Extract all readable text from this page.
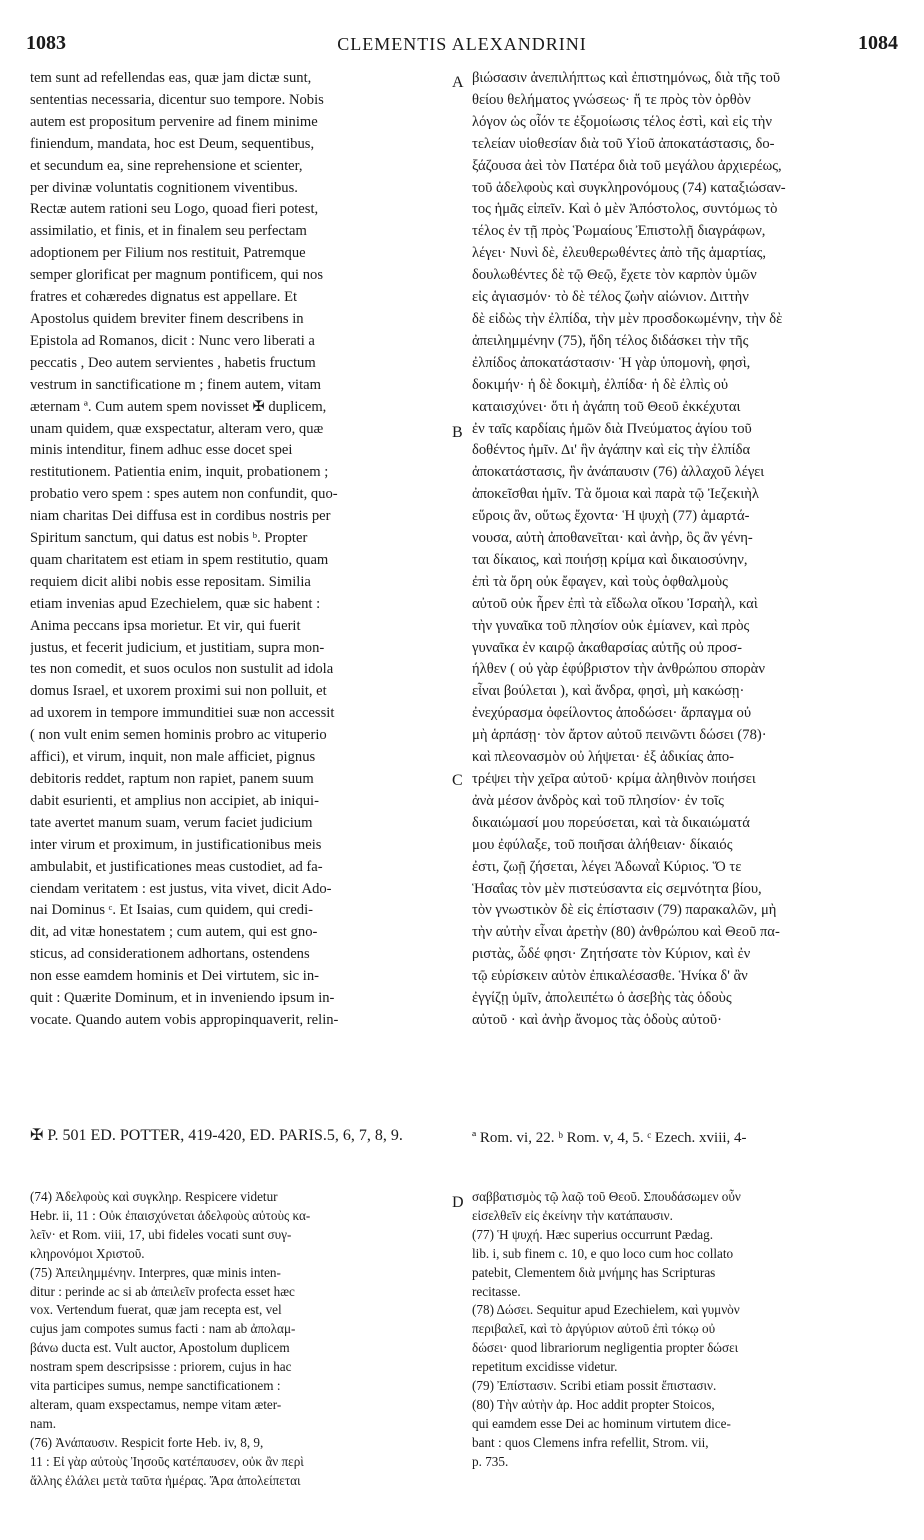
1083	CLEMENTIS ALEXANDRINI	1084
A
B
C
D
tem sunt ad refellendas eas, quæ jam dictæ sunt,
sententias necessaria, dicentur suo tempore. Nobis
autem est propositum pervenire ad finem minime
finiendum, mandata, hoc est Deum, sequentibus,
et secundum ea, sine reprehensione et scienter,
per divinæ voluntatis cognitionem viventibus.
Rectæ autem rationi seu Logo, quoad fieri potest,
assimilatio, et finis, et in finalem seu perfectam
adoptionem per Filium nos restituit, Patremque
semper glorificat per magnum pontificem, qui nos
fratres et cohæredes dignatus est appellare. Et
Apostolus quidem breviter finem describens in
Epistola ad Romanos, dicit : Nunc vero liberati a
peccatis , Deo autem servientes , habetis fructum
vestrum in sanctificatione m ; finem autem, vitam
æternam ª. Cum autem spem novisset ✠ duplicem,
unam quidem, quæ exspectatur, alteram vero, quæ
minis intenditur, finem adhuc esse docet spei
restitutionem. Patientia enim, inquit, probationem ;
probatio vero spem : spes autem non confundit, quo-
niam charitas Dei diffusa est in cordibus nostris per
Spiritum sanctum, qui datus est nobis ᵇ. Propter
quam charitatem est etiam in spem restitutio, quam
requiem dicit alibi nobis esse repositam. Similia
etiam invenias apud Ezechielem, quæ sic habent :
Anima peccans ipsa morietur. Et vir, qui fuerit
justus, et fecerit judicium, et justitiam, supra mon-
tes non comedit, et suos oculos non sustulit ad idola
domus Israel, et uxorem proximi sui non polluit, et
ad uxorem in tempore immunditiei suæ non accessit
( non vult enim semen hominis probro ac vituperio
affici), et virum, inquit, non male afficiet, pignus
debitoris reddet, raptum non rapiet, panem suum
dabit esurienti, et amplius non accipiet, ab iniqui-
tate avertet manum suam, verum faciet judicium
inter virum et proximum, in justificationibus meis
ambulabit, et justificationes meas custodiet, ad fa-
ciendam veritatem : est justus, vita vivet, dicit Ado-
nai Dominus ᶜ. Et Isaias, cum quidem, qui credi-
dit, ad vitæ honestatem ; cum autem, qui est gno-
sticus, ad considerationem adhortans, ostendens
non esse eamdem hominis et Dei virtutem, sic in-
quit : Quærite Dominum, et in inveniendo ipsum in-
vocate. Quando autem vobis appropinquaverit, relin-
βιώσασιν ἀνεπιλήπτως καὶ ἐπιστημόνως, διὰ τῆς τοῦ
θείου θελήματος γνώσεως· ἥ τε πρὸς τὸν ὀρθὸν
λόγον ὡς οἷόν τε ἐξομοίωσις τέλος ἐστὶ, καὶ εἰς τὴν
τελείαν υἱοθεσίαν διὰ τοῦ Υἱοῦ ἀποκατάστασις, δο-
ξάζουσα ἀεὶ τὸν Πατέρα διὰ τοῦ μεγάλου ἀρχιερέως,
τοῦ ἀδελφοὺς καὶ συγκληρονόμους (74) καταξιώσαν-
τος ἡμᾶς εἰπεῖν. Καὶ ὁ μὲν Ἀπόστολος, συντόμως τὸ
τέλος ἐν τῇ πρὸς Ῥωμαίους Ἐπιστολῇ διαγράφων,
λέγει· Νυνὶ δὲ, ἐλευθερωθέντες ἀπὸ τῆς ἁμαρτίας,
δουλωθέντες δὲ τῷ Θεῷ, ἔχετε τὸν καρπὸν ὑμῶν
εἰς ἁγιασμόν· τὸ δὲ τέλος ζωὴν αἰώνιον. Διττὴν
δὲ εἰδὼς τὴν ἐλπίδα, τὴν μὲν προσδοκωμένην, τὴν δὲ
ἀπειλημμένην (75), ἤδη τέλος διδάσκει τὴν τῆς
ἐλπίδος ἀποκατάστασιν· Ἡ γὰρ ὑπομονὴ, φησὶ,
δοκιμήν· ἡ δὲ δοκιμὴ, ἐλπίδα· ἡ δὲ ἐλπὶς οὐ
καταισχύνει· ὅτι ἡ ἀγάπη τοῦ Θεοῦ ἐκκέχυται
ἐν ταῖς καρδίαις ἡμῶν διὰ Πνεύματος ἁγίου τοῦ
δοθέντος ἡμῖν. Δι' ἣν ἀγάπην καὶ εἰς τὴν ἐλπίδα
ἀποκατάστασις, ἣν ἀνάπαυσιν (76) ἀλλαχοῦ λέγει
ἀποκεῖσθαι ἡμῖν. Τὰ ὅμοια καὶ παρὰ τῷ Ἰεζεκιὴλ
εὕροις ἂν, οὕτως ἔχοντα· Ἡ ψυχὴ (77) ἁμαρτά-
νουσα, αὐτὴ ἀποθανεῖται· καὶ ἀνὴρ, ὃς ἂν γένη-
ται δίκαιος, καὶ ποιήσῃ κρίμα καὶ δικαιοσύνην,
ἐπὶ τὰ ὄρη οὐκ ἔφαγεν, καὶ τοὺς ὀφθαλμοὺς
αὐτοῦ οὐκ ἦρεν ἐπὶ τὰ εἴδωλα οἴκου Ἰσραὴλ, καὶ
τὴν γυναῖκα τοῦ πλησίον οὐκ ἐμίανεν, καὶ πρὸς
γυναῖκα ἐν καιρῷ ἀκαθαρσίας αὐτῆς οὐ προσ-
ήλθεν ( οὐ γὰρ ἐφύβριστον τὴν ἀνθρώπου σπορὰν
εἶναι βούλεται ), καὶ ἄνδρα, φησὶ, μὴ κακώσῃ·
ἐνεχύρασμα ὀφείλοντος ἀποδώσει· ἅρπαγμα οὐ
μὴ ἁρπάσῃ· τὸν ἄρτον αὐτοῦ πεινῶντι δώσει (78)·
καὶ πλεονασμὸν οὐ λήψεται· ἐξ ἀδικίας ἀπο-
τρέψει τὴν χεῖρα αὐτοῦ· κρίμα ἀληθινὸν ποιήσει
ἀνὰ μέσον ἀνδρὸς καὶ τοῦ πλησίον· ἐν τοῖς
δικαιώμασί μου πορεύσεται, καὶ τὰ δικαιώματά
μου ἐφύλαξε, τοῦ ποιῆσαι ἀλήθειαν· δίκαιός
ἐστι, ζωῇ ζήσεται, λέγει Ἀδωναῒ Κύριος. Ὅ τε
Ἡσαΐας τὸν μὲν πιστεύσαντα εἰς σεμνότητα βίου,
τὸν γνωστικὸν δὲ εἰς ἐπίστασιν (79) παρακαλῶν, μὴ
τὴν αὐτὴν εἶναι ἀρετὴν (80) ἀνθρώπου καὶ Θεοῦ πα-
ριστὰς, ὧδέ φησι· Ζητήσατε τὸν Κύριον, καὶ ἐν
τῷ εὑρίσκειν αὐτὸν ἐπικαλέσασθε. Ἡνίκα δ' ἂν
ἐγγίζῃ ὑμῖν, ἀπολειπέτω ὁ ἀσεβὴς τὰς ὁδοὺς
αὐτοῦ · καὶ ἀνὴρ ἄνομος τὰς ὁδοὺς αὐτοῦ·
✠ P. 501 ED. POTTER, 419-420, ED. PARIS.5, 6, 7, 8, 9.	ª Rom. vi, 22. ᵇ Rom. v, 4, 5. ᶜ Ezech. xviii, 4-
(74) Ἀδελφοὺς καὶ συγκληρ. Respicere videtur
Hebr. ii, 11 : Οὐκ ἐπαισχύνεται ἀδελφοὺς αὐτοὺς κα-
λεῖν· et Rom. viii, 17, ubi fideles vocati sunt συγ-
κληρονόμοι Χριστοῦ.
(75) Ἀπειλημμένην. Interpres, quæ minis inten-
ditur : perinde ac si ab ἀπειλεῖν profecta esset hæc
vox. Vertendum fuerat, quæ jam recepta est, vel
cujus jam compotes sumus facti : nam ab ἀπολαμ-
βάνω ducta est. Vult auctor, Apostolum duplicem
nostram spem descripsisse : priorem, cujus in hac
vita participes sumus, nempe sanctificationem :
alteram, quam exspectamus, nempe vitam æter-
nam.
(76) Ἀνάπαυσιν. Respicit forte Heb. iv, 8, 9,
11 : Εἰ γὰρ αὐτοὺς Ἰησοῦς κατέπαυσεν, οὐκ ἂν περὶ
ἄλλης ἐλάλει μετὰ ταῦτα ἡμέρας. Ἄρα ἀπολείπεται
σαββατισμὸς τῷ λαῷ τοῦ Θεοῦ. Σπουδάσωμεν οὖν
εἰσελθεῖν εἰς ἐκείνην τὴν κατάπαυσιν.
(77) Ἡ ψυχή. Hæc superius occurrunt Pædag.
lib. i, sub finem c. 10, e quo loco cum hoc collato
patebit, Clementem διὰ μνήμης has Scripturas
recitasse.
(78) Δώσει. Sequitur apud Ezechielem, καὶ γυμνὸν
περιβαλεῖ, καὶ τὸ ἀργύριον αὐτοῦ ἐπὶ τόκῳ οὐ
δώσει· quod librariorum negligentia propter δώσει
repetitum excidisse videtur.
(79) Ἐπίστασιν. Scribi etiam possit ἔπιστασιν.
(80) Τὴν αὐτὴν ἀρ. Hoc addit propter Stoicos,
qui eamdem esse Dei ac hominum virtutem dice-
bant : quos Clemens infra refellit, Strom. vii,
p. 735.
